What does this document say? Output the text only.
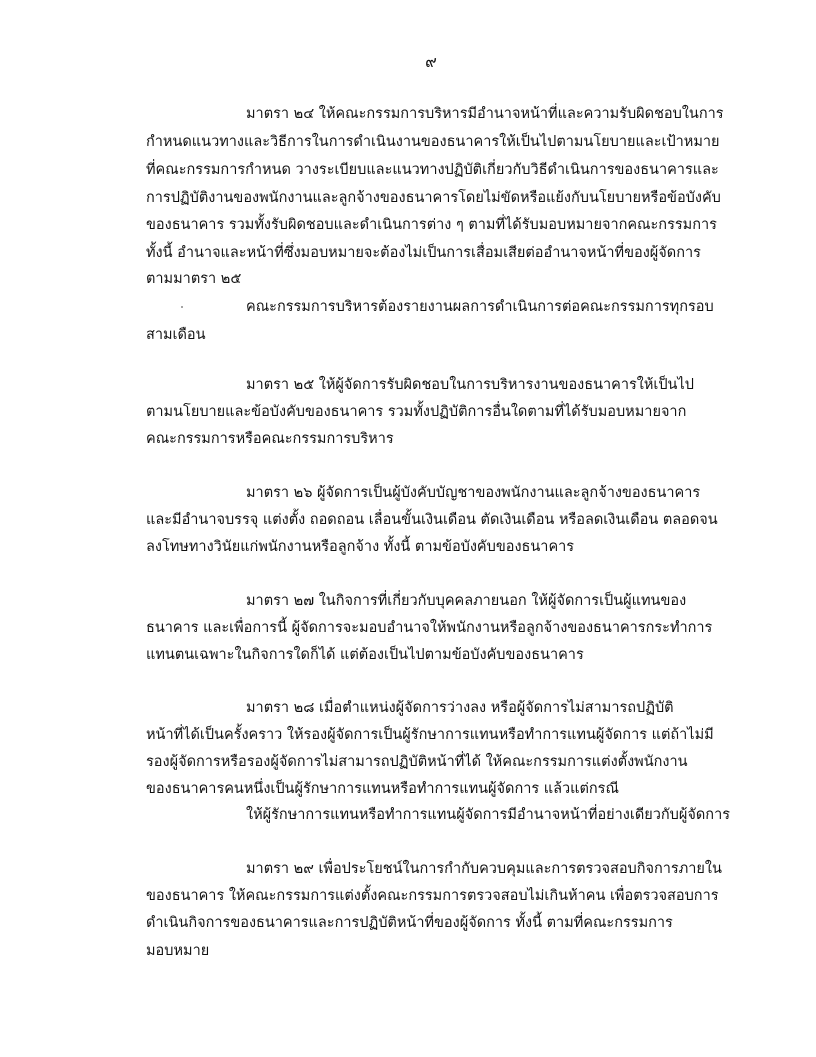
๙
มาตรา ๒๔ ให้คณะกรรมการบริหารมีอำนาจหน้าที่และความรับผิดชอบในการ
กำหนดแนวทางและวิธีการในการดำเนินงานของธนาคารให้เป็นไปตามนโยบายและเป้าหมาย
ที่คณะกรรมการกำหนด วางระเบียบและแนวทางปฏิบัติเกี่ยวกับวิธีดำเนินการของธนาคารและ
การปฏิบัติงานของพนักงานและลูกจ้างของธนาคารโดยไม่ขัดหรือแย้งกับนโยบายหรือข้อบังคับ
ของธนาคาร รวมทั้งรับผิดชอบและดำเนินการต่าง ๆ ตามที่ได้รับมอบหมายจากคณะกรรมการ
ทั้งนี้ อำนาจและหน้าที่ซึ่งมอบหมายจะต้องไม่เป็นการเสื่อมเสียต่ออำนาจหน้าที่ของผู้จัดการ
ตามมาตรา ๒๕
คณะกรรมการบริหารต้องรายงานผลการดำเนินการต่อคณะกรรมการทุกรอบ
สามเดือน
มาตรา ๒๕ ให้ผู้จัดการรับผิดชอบในการบริหารงานของธนาคารให้เป็นไป
ตามนโยบายและข้อบังคับของธนาคาร รวมทั้งปฏิบัติการอื่นใดตามที่ได้รับมอบหมายจาก
คณะกรรมการหรือคณะกรรมการบริหาร
มาตรา ๒๖ ผู้จัดการเป็นผู้บังคับบัญชาของพนักงานและลูกจ้างของธนาคาร
และมีอำนาจบรรจุ แต่งตั้ง ถอดถอน เลื่อนขั้นเงินเดือน ตัดเงินเดือน หรือลดเงินเดือน ตลอดจน
ลงโทษทางวินัยแก่พนักงานหรือลูกจ้าง ทั้งนี้ ตามข้อบังคับของธนาคาร
มาตรา ๒๗ ในกิจการที่เกี่ยวกับบุคคลภายนอก ให้ผู้จัดการเป็นผู้แทนของ
ธนาคาร และเพื่อการนี้ ผู้จัดการจะมอบอำนาจให้พนักงานหรือลูกจ้างของธนาคารกระทำการ
แทนตนเฉพาะในกิจการใดก็ได้ แต่ต้องเป็นไปตามข้อบังคับของธนาคาร
มาตรา ๒๘ เมื่อตำแหน่งผู้จัดการว่างลง หรือผู้จัดการไม่สามารถปฏิบัติ
หน้าที่ได้เป็นครั้งคราว ให้รองผู้จัดการเป็นผู้รักษาการแทนหรือทำการแทนผู้จัดการ แต่ถ้าไม่มี
รองผู้จัดการหรือรองผู้จัดการไม่สามารถปฏิบัติหน้าที่ได้ ให้คณะกรรมการแต่งตั้งพนักงาน
ของธนาคารคนหนึ่งเป็นผู้รักษาการแทนหรือทำการแทนผู้จัดการ แล้วแต่กรณี
ให้ผู้รักษาการแทนหรือทำการแทนผู้จัดการมีอำนาจหน้าที่อย่างเดียวกับผู้จัดการ
มาตรา ๒๙ เพื่อประโยชน์ในการกำกับควบคุมและการตรวจสอบกิจการภายใน
ของธนาคาร ให้คณะกรรมการแต่งตั้งคณะกรรมการตรวจสอบไม่เกินห้าคน เพื่อตรวจสอบการ
ดำเนินกิจการของธนาคารและการปฏิบัติหน้าที่ของผู้จัดการ ทั้งนี้ ตามที่คณะกรรมการ
มอบหมาย
